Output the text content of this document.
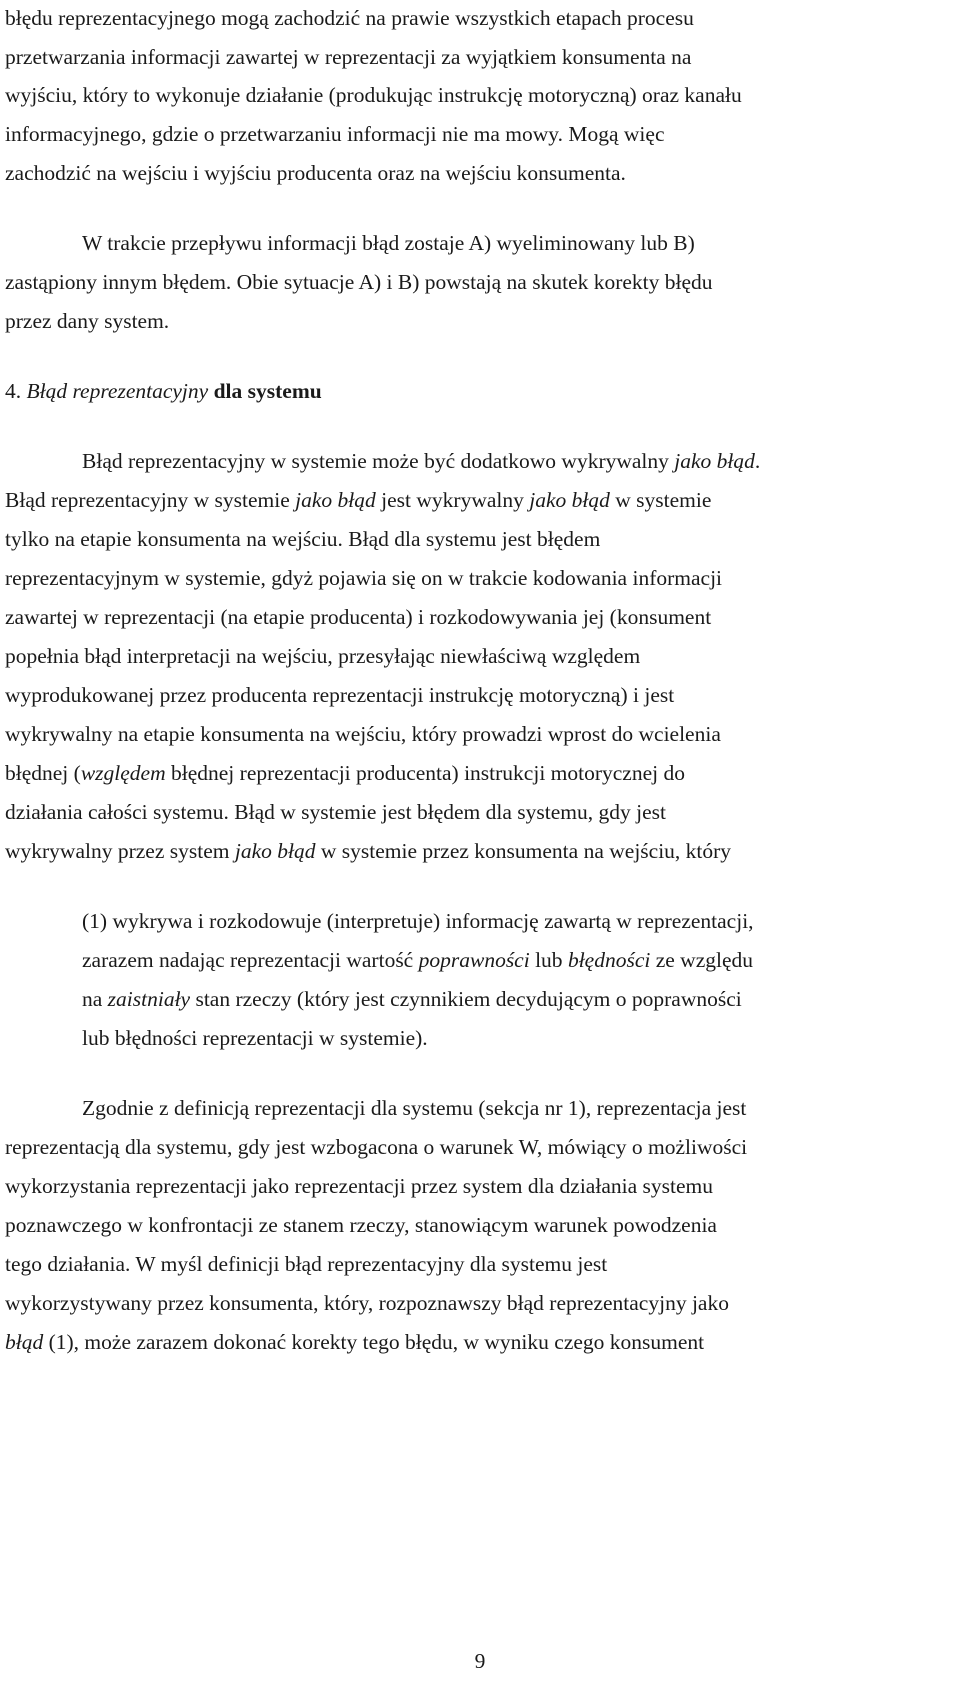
błędu reprezentacyjnego mogą zachodzić na prawie wszystkich etapach procesu
przetwarzania informacji zawartej w reprezentacji za wyjątkiem konsumenta na
wyjściu, który to wykonuje działanie (produkując instrukcję motoryczną) oraz kanału
informacyjnego, gdzie o przetwarzaniu informacji nie ma mowy. Mogą więc
zachodzić na wejściu i wyjściu producenta oraz na wejściu konsumenta.
W trakcie przepływu informacji błąd zostaje A) wyeliminowany lub B)
zastąpiony innym błędem. Obie sytuacje A) i B) powstają na skutek korekty błędu
przez dany system.
4. Błąd reprezentacyjny dla systemu
Błąd reprezentacyjny w systemie może być dodatkowo wykrywalny jako błąd.
Błąd reprezentacyjny w systemie jako błąd jest wykrywalny jako błąd w systemie
tylko na etapie konsumenta na wejściu. Błąd dla systemu jest błędem
reprezentacyjnym w systemie, gdyż pojawia się on w trakcie kodowania informacji
zawartej w reprezentacji (na etapie producenta) i rozkodowywania jej (konsument
popełnia błąd interpretacji na wejściu, przesyłając niewłaściwą względem
wyprodukowanej przez producenta reprezentacji instrukcję motoryczną) i jest
wykrywalny na etapie konsumenta na wejściu, który prowadzi wprost do wcielenia
błędnej (względem błędnej reprezentacji producenta) instrukcji motorycznej do
działania całości systemu. Błąd w systemie jest błędem dla systemu, gdy jest
wykrywalny przez system jako błąd w systemie przez konsumenta na wejściu, który
(1) wykrywa i rozkodowuje (interpretuje) informację zawartą w reprezentacji,
zarazem nadając reprezentacji wartość poprawności lub błędności ze względu
na zaistniały stan rzeczy (który jest czynnikiem decydującym o poprawności
lub błędności reprezentacji w systemie).
Zgodnie z definicją reprezentacji dla systemu (sekcja nr 1), reprezentacja jest
reprezentacją dla systemu, gdy jest wzbogacona o warunek W, mówiący o możliwości
wykorzystania reprezentacji jako reprezentacji przez system dla działania systemu
poznawczego w konfrontacji ze stanem rzeczy, stanowiącym warunek powodzenia
tego działania. W myśl definicji błąd reprezentacyjny dla systemu jest
wykorzystywany przez konsumenta, który, rozpoznawszy błąd reprezentacyjny jako
błąd (1), może zarazem dokonać korekty tego błędu, w wyniku czego konsument
9
